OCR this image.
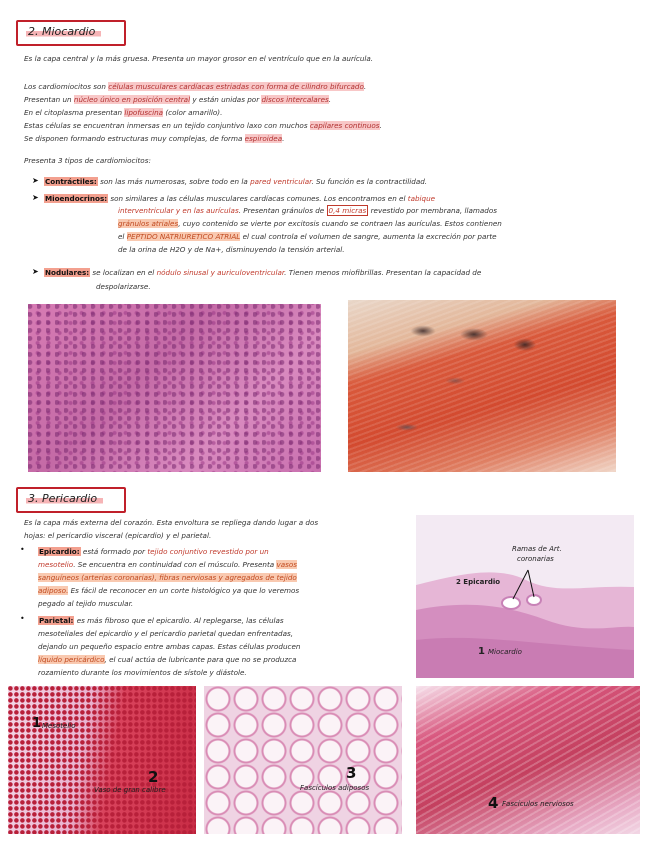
2. Miocardio
Es la capa central y la más gruesa. Presenta un mayor grosor en el ventrículo que en la aurícula.
Los cardiomiocitos son células musculares cardíacas estriadas con forma de cilindro bifurcado.
Presentan un núcleo único en posición central y están unidas por discos intercalares.
En el citoplasma presentan lipofuscina (color amarillo).
Estas células se encuentran inmersas en un tejido conjuntivo laxo con muchos capilares continuos.
Se disponen formando estructuras muy complejas, de forma espiroidea.
Presenta 3 tipos de cardiomiocitos:
➤ Contráctiles: son las más numerosas, sobre todo en la pared ventricular. Su función es la contractilidad.
➤ Mioendocrinos: son similares a las células musculares cardíacas comunes. Los encontramos en el tabique
interventricular y en las aurículas. Presentan gránulos de 0,4 micras revestido por membrana, llamados
gránulos atriales, cuyo contenido se vierte por excitosis cuando se contraen las aurículas. Estos contienen
el PEPTIDO NATRIURETICO ATRIAL el cual controla el volumen de sangre, aumenta la excreción por parte
de la orina de H2O y de Na+, disminuyendo la tensión arterial.
➤ Nodulares: se localizan en el nódulo sinusal y auriculoventricular. Tienen menos miofibrillas. Presentan la capacidad de
despolarizarse.
3. Pericardio
Es la capa más externa del corazón. Esta envoltura se repliega dando lugar a dos
hojas: el pericardio visceral (epicardio) y el parietal.
• Epicardio: está formado por tejido conjuntivo revestido por un
mesotelio. Se encuentra en continuidad con el músculo. Presenta vasos
sanguíneos (arterias coronarias), fibras nerviosas y agregados de tejido
adiposo. Es fácil de reconocer en un corte histológico ya que lo veremos
pegado al tejido muscular.
• Parietal: es más fibroso que el epicardio. Al replegarse, las células
mesoteliales del epicardio y el pericardio parietal quedan enfrentadas,
dejando un pequeño espacio entre ambas capas. Estas células producen
líquido pericárdico, el cual actúa de lubricante para que no se produzca
rozamiento durante los movimientos de sístole y diástole.
Ramas de Art.
coronarias
2 Epicardio
1 Miocardio
1 Mesotelio
2
Vaso de gran calibre
3
Fascículos adiposos
4 Fascículos nerviosos
